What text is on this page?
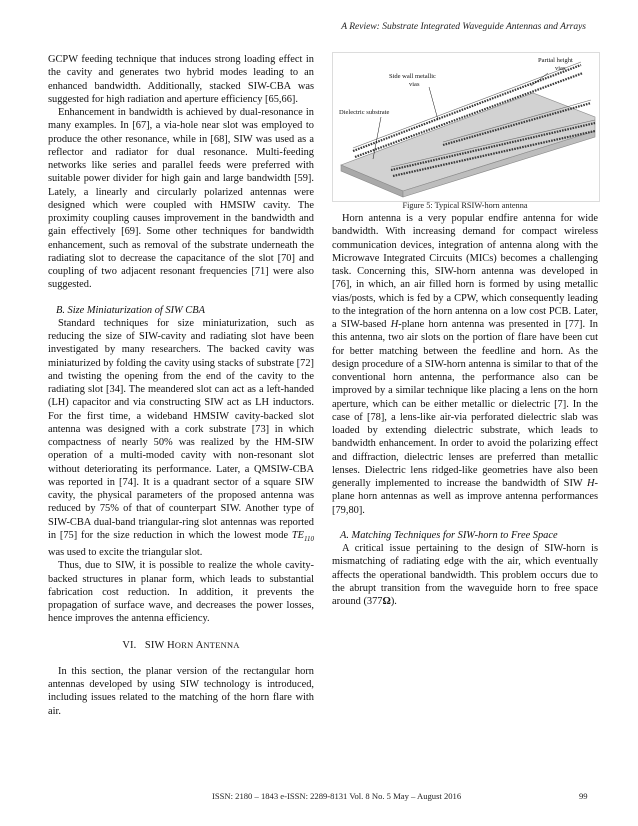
A Review: Substrate Integrated Waveguide Antennas and Arrays

GCPW feeding technique that induces strong loading effect in the cavity and generates two hybrid modes leading to an enhanced bandwidth. Additionally, stacked SIW-CBA was suggested for high radiation and aperture efficiency [65,66].

Enhancement in bandwidth is achieved by dual-resonance in many examples. In [67], a via-hole near slot was employed to produce the other resonance, while in [68], SIW was used as a reflector and radiator for dual resonance. Multi-feeding networks like series and parallel feeds were preferred with suitable power divider for high gain and large bandwidth [59]. Lately, a linearly and circularly polarized antennas were designed which were coupled with HMSIW cavity. The proximity coupling causes improvement in the bandwidth and gain effectively [69]. Some other techniques for bandwidth enhancement, such as removal of the substrate underneath the radiating slot to decrease the capacitance of the slot [70] and coupling of two adjacent resonant frequencies [71] were also suggested.

B. Size Miniaturization of SIW CBA

Standard techniques for size miniaturization, such as reducing the size of SIW-cavity and radiating slot have been investigated by many researchers. The backed cavity was miniaturized by folding the cavity using stacks of substrate [72] and twisting the opening from the end of the cavity to the radiating slot [34]. The meandered slot can act as a left-handed (LH) capacitor and via constructing SIW act as LH inductors. For the first time, a wideband HMSIW cavity-backed slot antenna was designed with a cork substrate [73] in which compactness of nearly 50% was realized by the HM-SIW operation of a multi-moded cavity with non-resonant slot without deteriorating its performance. Later, a QMSIW-CBA was reported in [74]. It is a quadrant sector of a square SIW cavity, the physical parameters of the proposed antenna was reduced by 75% of that of counterpart SIW. Another type of SIW-CBA dual-band triangular-ring slot antennas was reported in [75] for the size reduction in which the lowest mode $TE_{110}$ was used to excite the triangular slot.

Thus, due to SIW, it is possible to realize the whole cavity-backed structures in planar form, which leads to substantial fabrication cost reduction. In addition, it prevents the propagation of surface wave, and decreases the power losses, hence improves the antenna efficiency.

VI. SIW HORN ANTENNA

In this section, the planar version of the rectangular horn antennas developed by using SIW technology is introduced, including issues related to the matching of the horn flare with air.

Partial height
vias
Side wall metallic
vias
Dielectric substrate
Figure 5: Typical RSIW-horn antenna

Horn antenna is a very popular endfire antenna for wide bandwidth. With increasing demand for compact wireless communication devices, integration of antenna along with the Microwave Integrated Circuits (MICs) becomes a challenging task. Concerning this, SIW-horn antenna was developed in [76], in which, an air filled horn is formed by using metallic vias/posts, which is fed by a CPW, which consequently leading to the integration of the horn antenna on a low cost PCB. Later, a SIW-based H-plane horn antenna was presented in [77]. In this antenna, two air slots on the portion of flare have been cut for better matching between the feedline and horn. As the design procedure of a SIW-horn antenna is similar to that of the conventional horn antenna, the performance also can be improved by a similar technique like placing a lens on the horn aperture, which can be either metallic or dielectric [7]. In the case of [78], a lens-like air-via perforated dielectric slab was loaded by extending dielectric substrate, which leads to bandwidth enhancement. In order to avoid the polarizing effect and diffraction, dielectric lenses are preferred than metallic lenses. Dielectric lens ridged-like geometries have also been generally implemented to increase the bandwidth of SIW H-plane horn antennas as well as improve antenna performances [79,80].

A. Matching Techniques for SIW-horn to Free Space

A critical issue pertaining to the design of SIW-horn is mismatching of radiating edge with the air, which eventually affects the operational bandwidth. This problem occurs due to the abrupt transition from the waveguide horn to free space around (377Ω).

ISSN: 2180 – 1843 e-ISSN: 2289-8131 Vol. 8 No. 5 May – August 2016	99
